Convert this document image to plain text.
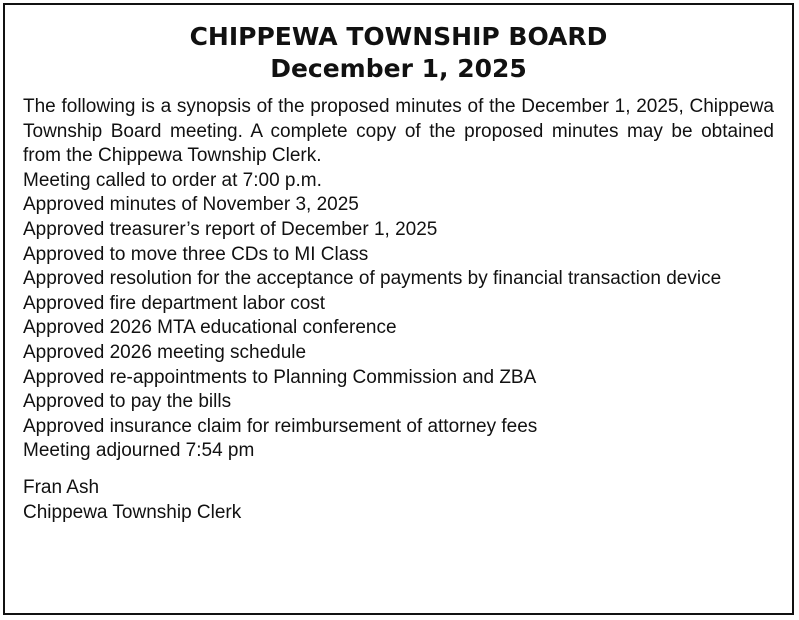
CHIPPEWA TOWNSHIP BOARD
December 1, 2025

The following is a synopsis of the proposed minutes of the December 1, 2025, Chippewa Township Board meeting. A complete copy of the proposed minutes may be obtained from the Chippewa Township Clerk.

Meeting called to order at 7:00 p.m.

Approved minutes of November 3, 2025

Approved treasurer’s report of December 1, 2025

Approved to move three CDs to MI Class

Approved resolution for the acceptance of payments by financial transaction device

Approved fire department labor cost

Approved 2026 MTA educational conference

Approved 2026 meeting schedule

Approved re-appointments to Planning Commission and ZBA

Approved to pay the bills

Approved insurance claim for reimbursement of attorney fees

Meeting adjourned 7:54 pm

Fran Ash
Chippewa Township Clerk
